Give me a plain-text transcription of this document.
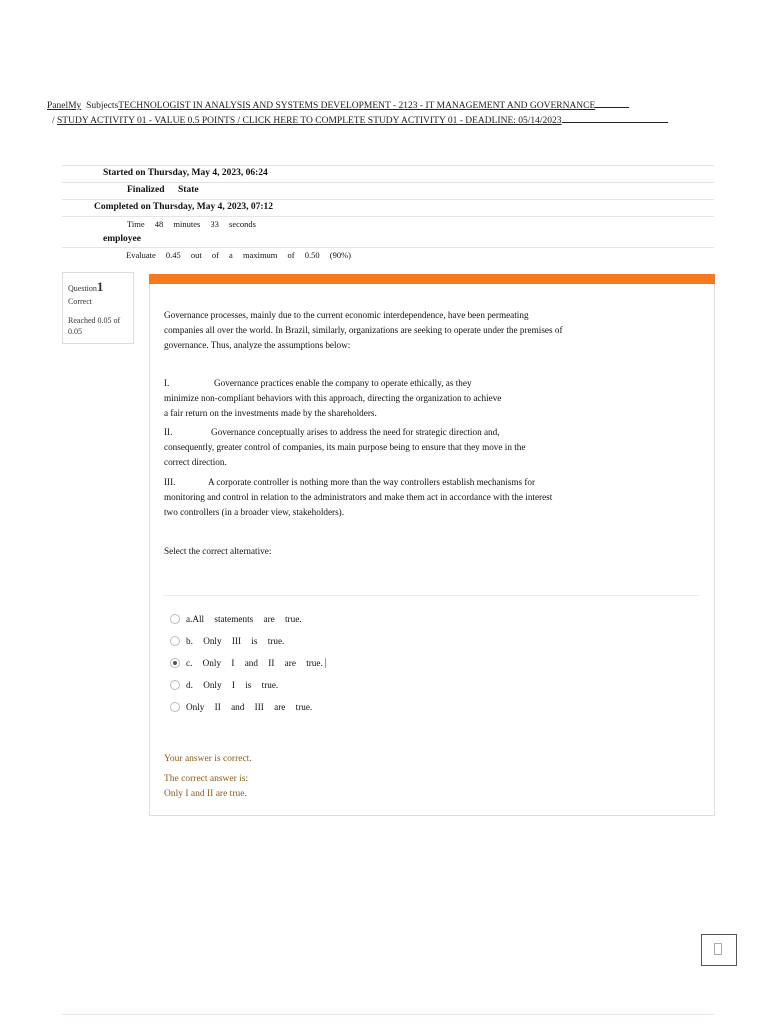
PanelMy SubjectsTECHNOLOGIST IN ANALYSIS AND SYSTEMS DEVELOPMENT - 2123 - IT MANAGEMENT AND GOVERNANCE
/ STUDY ACTIVITY 01 - VALUE 0.5 POINTS / CLICK HERE TO COMPLETE STUDY ACTIVITY 01 - DEADLINE: 05/14/2023
Started on Thursday, May 4, 2023, 06:24
Finalized State
Completed on Thursday, May 4, 2023, 07:12
Time 48 minutes 33 seconds
employee
Evaluate 0.45 out of a maximum of 0.50 (90%)
Question1
Correct
Reached 0.05 of 0.05
Governance processes, mainly due to the current economic interdependence, have been permeating
companies all over the world. In Brazil, similarly, organizations are seeking to operate under the premises of
governance. Thus, analyze the assumptions below:
I.	Governance practices enable the company to operate ethically, as they
minimize non-compliant behaviors with this approach, directing the organization to achieve
a fair return on the investments made by the shareholders.
II.	Governance conceptually arises to address the need for strategic direction and,
consequently, greater control of companies, its main purpose being to ensure that they move in the
correct direction.
III.	A corporate controller is nothing more than the way controllers establish mechanisms for
monitoring and control in relation to the administrators and make them act in accordance with the interest
two controllers (in a broader view, stakeholders).
Select the correct alternative:
a.All statements are true.
b. Only III is true.
c. Only I and II are true.
d. Only I is true.
Only II and III are true.
Your answer is correct.
The correct answer is:
Only I and II are true.
